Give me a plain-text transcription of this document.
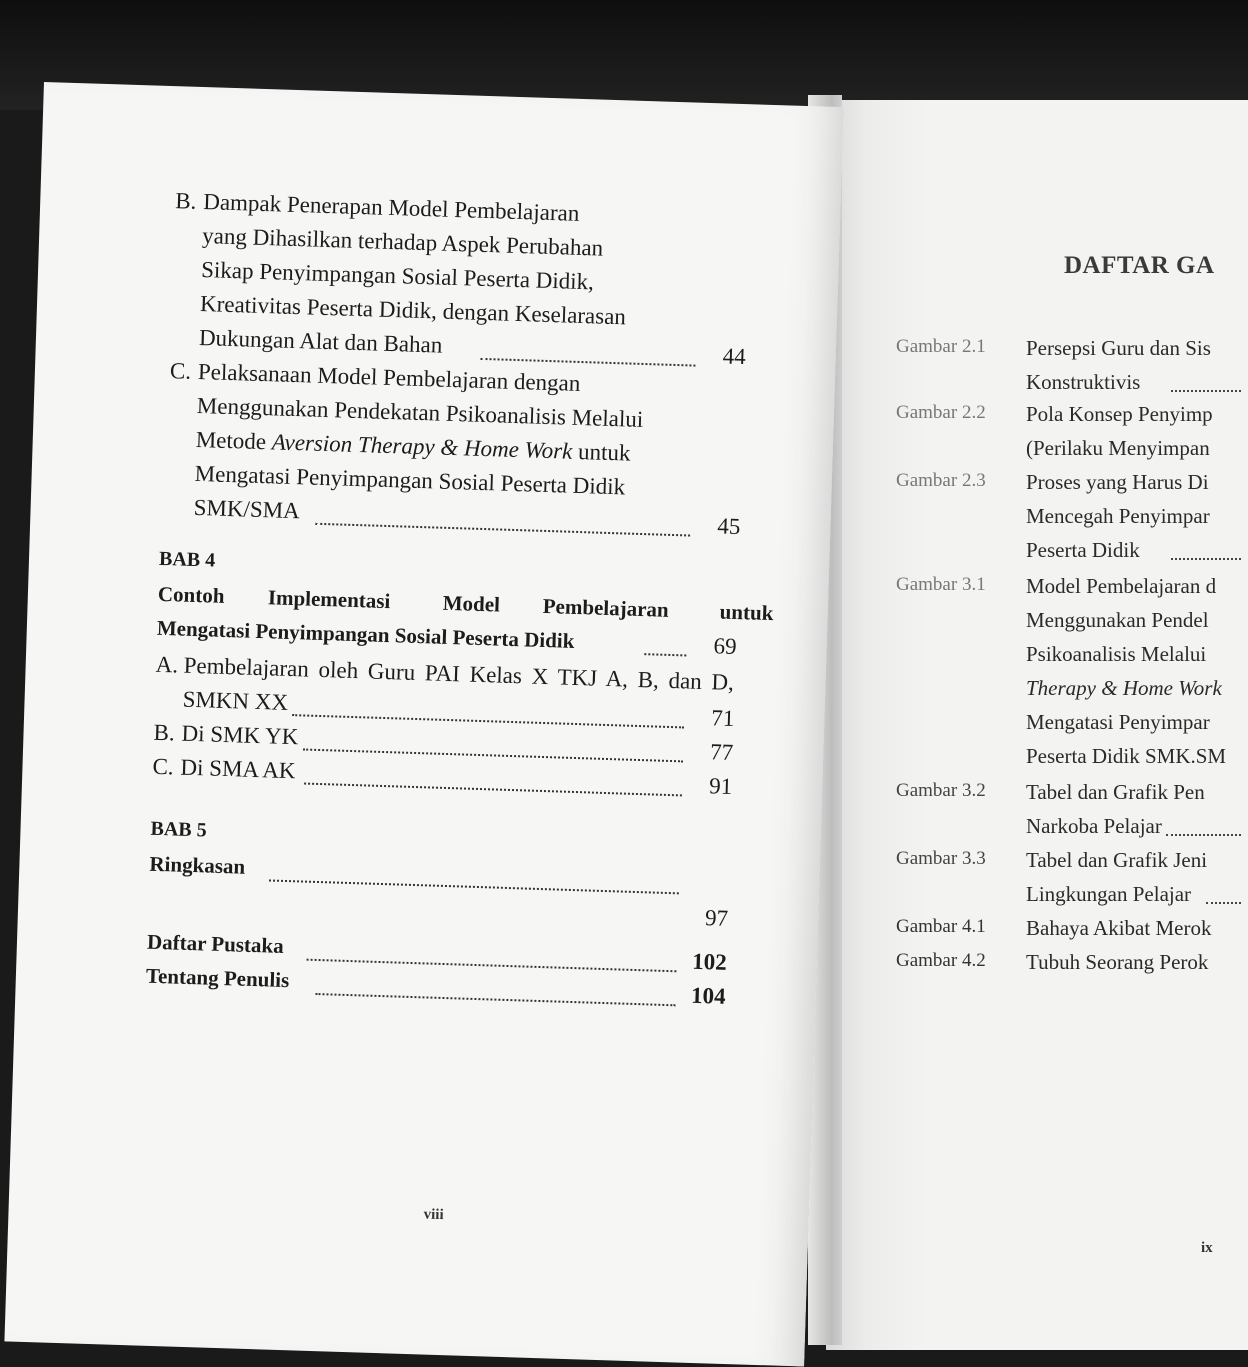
DAFTAR GA
Gambar 2.1 Persepsi Guru dan Sis
Konstruktivis
Gambar 2.2 Pola Konsep Penyimp
(Perilaku Menyimpan
Gambar 2.3 Proses yang Harus Di
Mencegah Penyimpar
Peserta Didik
Gambar 3.1 Model Pembelajaran d
Menggunakan Pendel
Psikoanalisis Melalui
Therapy & Home Work
Mengatasi Penyimpar
Peserta Didik SMK.SM
Gambar 3.2 Tabel dan Grafik Pen
Narkoba Pelajar
Gambar 3.3 Tabel dan Grafik Jeni
Lingkungan Pelajar
Gambar 4.1 Bahaya Akibat Merok
Gambar 4.2 Tubuh Seorang Perok
ix
B. Dampak Penerapan Model Pembelajaran
yang Dihasilkan terhadap Aspek Perubahan
Sikap Penyimpangan Sosial Peserta Didik,
Kreativitas Peserta Didik, dengan Keselarasan
Dukungan Alat dan Bahan	44
C. Pelaksanaan Model Pembelajaran dengan
Menggunakan Pendekatan Psikoanalisis Melalui
Metode Aversion Therapy & Home Work untuk
Mengatasi Penyimpangan Sosial Peserta Didik
SMK/SMA
45
BAB 4
Contoh Implementasi Model Pembelajaran untuk
Mengatasi Penyimpangan Sosial Peserta Didik	69
A. Pembelajaran oleh Guru PAI Kelas X TKJ A, B, dan D,
SMKN XX
71
B. Di SMK YK
77
C. Di SMA AK
91
BAB 5
Ringkasan
97
Daftar Pustaka
102
Tentang Penulis
104
viii
